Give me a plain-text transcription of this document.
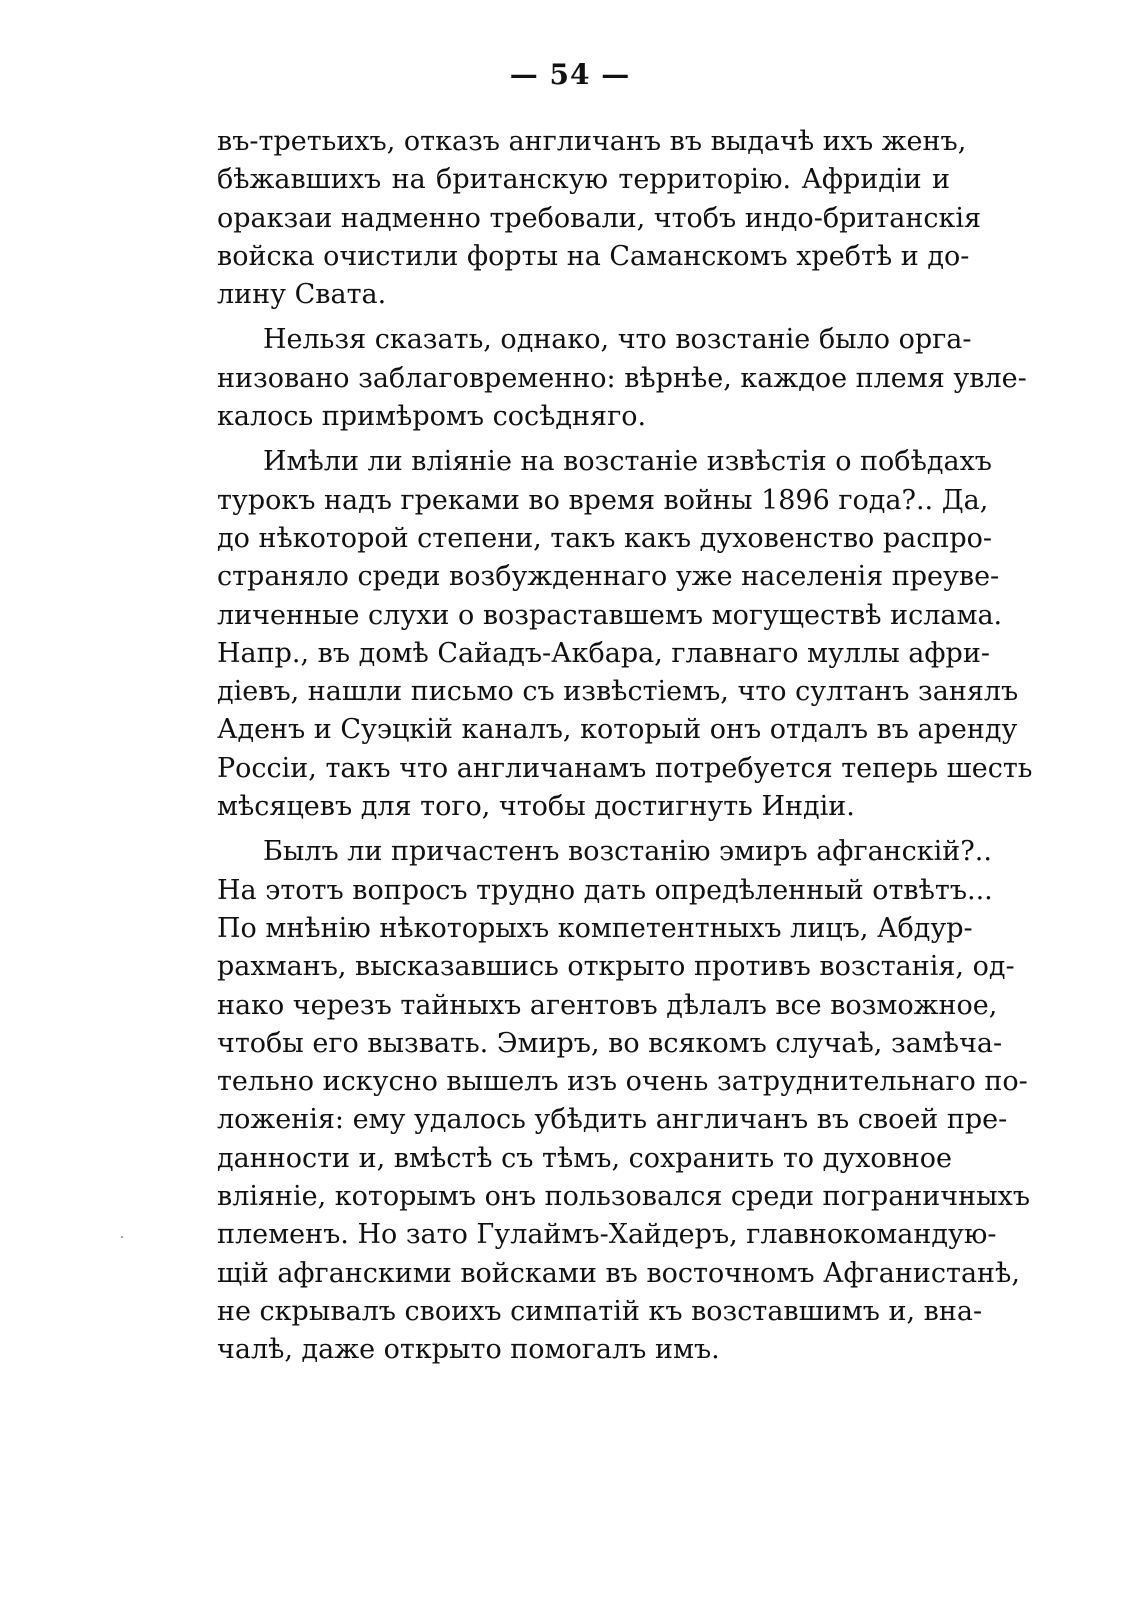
— 54 —
въ-третьихъ, отказъ англичанъ въ выдачѣ ихъ женъ,
бѣжавшихъ на британскую территорію. Афридіи и
оракзаи надменно требовали, чтобъ индо-британскія
войска очистили форты на Самaнскомъ хребтѣ и до-
лину Свата.
Нельзя сказать, однако, что возстаніе было орга-
низовано заблаговременно: вѣрнѣе, каждое племя увле-
калось примѣромъ сосѣдняго.
Имѣли ли вліяніе на возстаніе извѣстія о побѣдахъ
турокъ надъ греками во время войны 1896 года?.. Да,
до нѣкоторой степени, такъ какъ духовенство распро-
страняло среди возбужденнаго уже населенія преуве-
личенные слухи о возраставшемъ могуществѣ ислама.
Напр., въ домѣ Сайадъ-Акбара, главнаго муллы афри-
діевъ, нашли письмо съ извѣстіемъ, что султанъ занялъ
Аденъ и Суэцкій каналъ, который онъ отдалъ въ аренду
Россіи, такъ что англичанамъ потребуется теперь шесть
мѣсяцевъ для того, чтобы достигнуть Индіи.
Былъ ли причастенъ возстанію эмиръ афганскій?..
На этотъ вопросъ трудно дать опредѣленный отвѣтъ...
По мнѣнію нѣкоторыхъ компетентныхъ лицъ, Абдур-
рахманъ, высказавшись открыто противъ возстанія, од-
нако черезъ тайныхъ агентовъ дѣлалъ все возможное,
чтобы его вызвать. Эмиръ, во всякомъ случаѣ, замѣча-
тельно искусно вышелъ изъ очень затруднительнаго по-
ложенія: ему удалось убѣдить англичанъ въ своей пре-
данности и, вмѣстѣ съ тѣмъ, сохранить то духовное
вліяніе, которымъ онъ пользовался среди пограничныхъ
племенъ. Но зато Гулаймъ-Хайдеръ, главнокомандую-
щій афганскими войсками въ восточномъ Афганистанѣ,
не скрывалъ своихъ симпатій къ возставшимъ и, вна-
чалѣ, даже открыто помогалъ имъ.
